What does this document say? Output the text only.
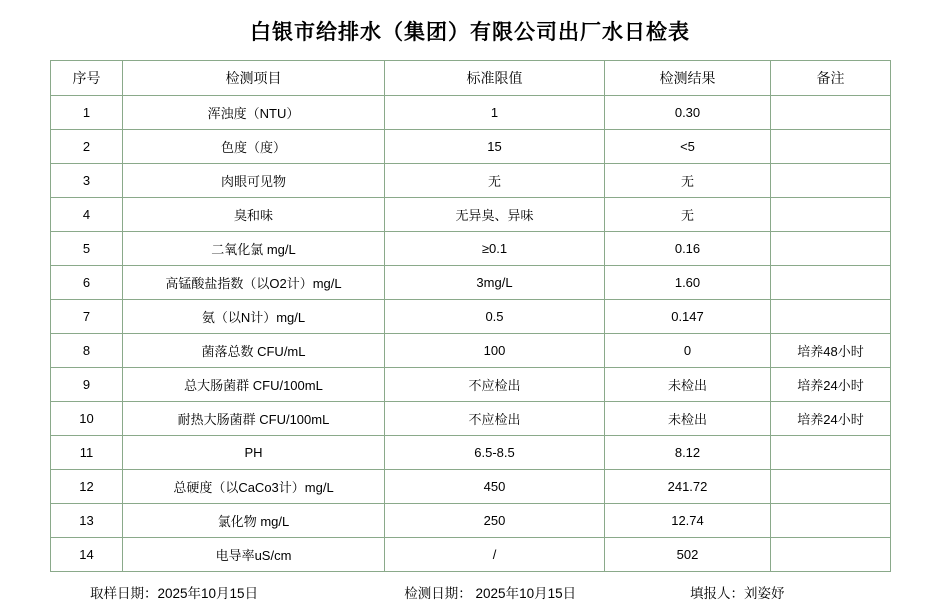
白银市给排水（集团）有限公司出厂水日检表
序号	检测项目	标准限值	检测结果	备注
1	浑浊度（NTU）	1	0.30	
2	色度（度）	15	<5	
3	肉眼可见物	无	无	
4	臭和味	无异臭、异味	无	
5	二氧化氯 mg/L	≥0.1	0.16	
6	高锰酸盐指数（以O2计）mg/L	3mg/L	1.60	
7	氨（以N计）mg/L	0.5	0.147	
8	菌落总数 CFU/mL	100	0	培养48小时
9	总大肠菌群 CFU/100mL	不应检出	未检出	培养24小时
10	耐热大肠菌群 CFU/100mL	不应检出	未检出	培养24小时
11	PH	6.5-8.5	8.12	
12	总硬度（以CaCo3计）mg/L	450	241.72	
13	氯化物 mg/L	250	12.74	
14	电导率uS/cm	/	502	
取样日期：2025年10月15日	检测日期： 2025年10月15日	填报人：刘姿妤
